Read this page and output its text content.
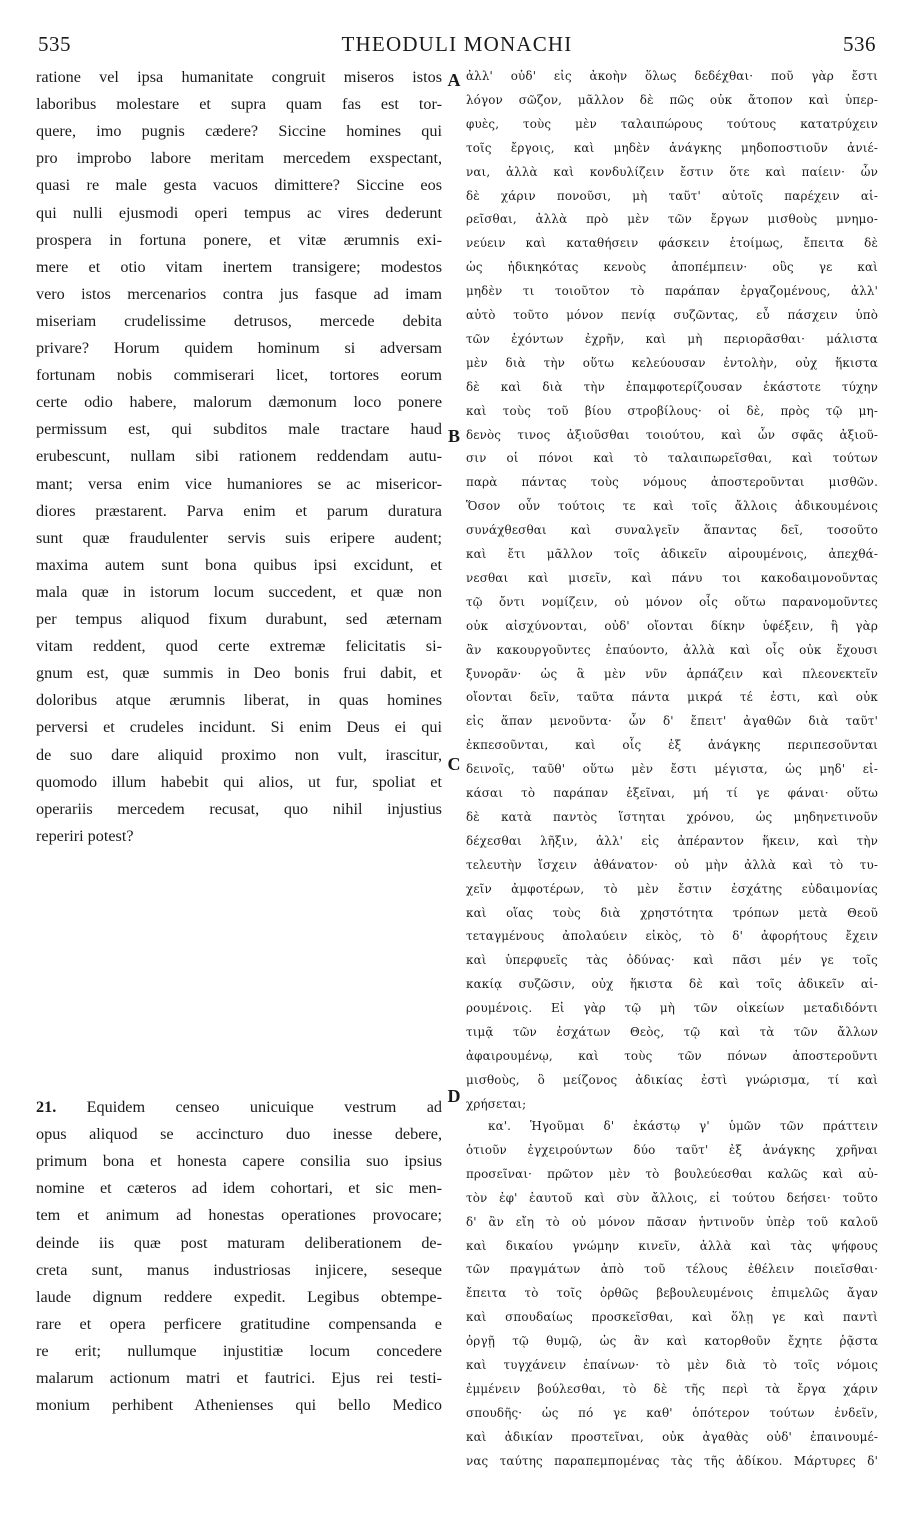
535	THEODULI MONACHI	536
ratione vel ipsa humanitate congruit miseros istos
laboribus molestare et supra quam fas est tor-
quere, imo pugnis cædere? Siccine homines qui
pro improbo labore meritam mercedem exspectant,
quasi re male gesta vacuos dimittere? Siccine eos
qui nulli ejusmodi operi tempus ac vires dederunt
prospera in fortuna ponere, et vitæ ærumnis exi-
mere et otio vitam inertem transigere; modestos
vero istos mercenarios contra jus fasque ad imam
miseriam crudelissime detrusos, mercede debita
privare? Horum quidem hominum si adversam
fortunam nobis commiserari licet, tortores eorum
certe odio habere, malorum dæmonum loco ponere
permissum est, qui subditos male tractare haud
erubescunt, nullam sibi rationem reddendam autu-
mant; versa enim vice humaniores se ac misericor-
diores præstarent. Parva enim et parum duratura
sunt quæ fraudulenter servis suis eripere audent;
maxima autem sunt bona quibus ipsi excidunt, et
mala quæ in istorum locum succedent, et quæ non
per tempus aliquod fixum durabunt, sed æternam
vitam reddent, quod certe extremæ felicitatis si-
gnum est, quæ summis in Deo bonis frui dabit, et
doloribus atque ærumnis liberat, in quas homines
perversi et crudeles incidunt. Si enim Deus ei qui
de suo dare aliquid proximo non vult, irascitur,
quomodo illum habebit qui alios, ut fur, spoliat et
operariis mercedem recusat, quo nihil injustius
reperiri potest?
21. Equidem censeo unicuique vestrum ad
opus aliquod se accincturo duo inesse debere,
primum bona et honesta capere consilia suo ipsius
nomine et cæteros ad idem cohortari, et sic men-
tem et animum ad honestas operationes provocare;
deinde iis quæ post maturam deliberationem de-
creta sunt, manus industriosas injicere, seseque
laude dignum reddere expedit. Legibus obtempe-
rare et opera perficere gratitudine compensanda e
re erit; nullumque injustitiæ locum concedere
malarum actionum matri et fautrici. Ejus rei testi-
monium perhibent Athenienses qui bello Medico
ἀλλ' οὐδ' εἰς ἀκοὴν ὅλως δεδέχθαι· ποῦ γὰρ ἔστι
λόγον σῶζον, μᾶλλον δὲ πῶς οὐκ ἄτοπον καὶ ὑπερ-
φυὲς, τοὺς μὲν ταλαιπώρους τούτους κατατρύχειν
τοῖς ἔργοις, καὶ μηδὲν ἀνάγκης μηδοποστιοῦν ἀνιέ-
ναι, ἀλλὰ καὶ κονδυλίζειν ἔστιν ὅτε καὶ παίειν· ὧν
δὲ χάριν πονοῦσι, μὴ ταῦτ' αὐτοῖς παρέχειν αἱ-
ρεῖσθαι, ἀλλὰ πρὸ μὲν τῶν ἔργων μισθοὺς μνημο-
νεύειν καὶ καταθήσειν φάσκειν ἑτοίμως, ἔπειτα δὲ
ὡς ἠδικηκότας κενοὺς ἀποπέμπειν· οὓς γε καὶ
μηδὲν τι τοιοῦτον τὸ παράπαν ἐργαζομένους, ἀλλ'
αὐτὸ τοῦτο μόνον πενίᾳ συζῶντας, εὖ πάσχειν ὑπὸ
τῶν ἐχόντων ἐχρῆν, καὶ μὴ περιορᾶσθαι· μάλιστα
μὲν διὰ τὴν οὕτω κελεύουσαν ἐντολὴν, οὐχ ἥκιστα
δὲ καὶ διὰ τὴν ἐπαμφοτερίζουσαν ἑκάστοτε τύχην
καὶ τοὺς τοῦ βίου στροβίλους· οἱ δὲ, πρὸς τῷ μη-
δενὸς τινος ἀξιοῦσθαι τοιούτου, καὶ ὧν σφᾶς ἀξιοῦ-
σιν οἱ πόνοι καὶ τὸ ταλαιπωρεῖσθαι, καὶ τούτων
παρὰ πάντας τοὺς νόμους ἀποστεροῦνται μισθῶν.
Ὅσον οὖν τούτοις τε καὶ τοῖς ἄλλοις ἀδικουμένοις
συνάχθεσθαι καὶ συναλγεῖν ἅπαντας δεῖ, τοσοῦτο
καὶ ἔτι μᾶλλον τοῖς ἀδικεῖν αἱρουμένοις, ἀπεχθά-
νεσθαι καὶ μισεῖν, καὶ πάνυ τοι κακοδαιμονοῦντας
τῷ ὄντι νομίζειν, οὐ μόνον οἷς οὕτω παρανομοῦντες
οὐκ αἰσχύνονται, οὐδ' οἴονται δίκην ὑφέξειν, ἣ γὰρ
ἂν κακουργοῦντες ἐπαύοντο, ἀλλὰ καὶ οἷς οὐκ ἔχουσι
ξυνορᾶν· ὡς ἃ μὲν νῦν ἁρπάζειν καὶ πλεονεκτεῖν
οἴονται δεῖν, ταῦτα πάντα μικρά τέ ἐστι, καὶ οὐκ
εἰς ἅπαν μενοῦντα· ὧν δ' ἔπειτ' ἀγαθῶν διὰ ταῦτ'
ἐκπεσοῦνται, καὶ οἷς ἐξ ἀνάγκης περιπεσοῦνται
δεινοῖς, ταῦθ' οὕτω μὲν ἔστι μέγιστα, ὡς μηδ' εἰ-
κάσαι τὸ παράπαν ἐξεῖναι, μή τί γε φάναι· οὕτω
δὲ κατὰ παντὸς ἵστηται χρόνου, ὡς μηδηνετινοῦν
δέχεσθαι λῆξιν, ἀλλ' εἰς ἀπέραντον ἥκειν, καὶ τὴν
τελευτὴν ἴσχειν ἀθάνατον· οὐ μὴν ἀλλὰ καὶ τὸ τυ-
χεῖν ἀμφοτέρων, τὸ μὲν ἔστιν ἐσχάτης εὐδαιμονίας
καὶ οἵας τοὺς διὰ χρηστότητα τρόπων μετὰ Θεοῦ
τεταγμένους ἀπολαύειν εἰκὸς, τὸ δ' ἀφορήτους ἔχειν
καὶ ὑπερφυεῖς τὰς ὀδύνας· καὶ πᾶσι μέν γε τοῖς
κακίᾳ συζῶσιν, οὐχ ἥκιστα δὲ καὶ τοῖς ἀδικεῖν αἱ-
ρουμένοις. Εἰ γὰρ τῷ μὴ τῶν οἰκείων μεταδιδόντι
τιμᾷ τῶν ἐσχάτων Θεὸς, τῷ καὶ τὰ τῶν ἄλλων
ἀφαιρουμένῳ, καὶ τοὺς τῶν πόνων ἀποστεροῦντι
μισθοὺς, ὃ μείζονος ἀδικίας ἐστὶ γνώρισμα, τί καὶ
χρήσεται;
κα'. Ἡγοῦμαι δ' ἑκάστῳ γ' ὑμῶν τῶν πράττειν
ὁτιοῦν ἐγχειρούντων δύο ταῦτ' ἐξ ἀνάγκης χρῆναι
προσεῖναι· πρῶτον μὲν τὸ βουλεύεσθαι καλῶς καὶ αὐ-
τὸν ἐφ' ἑαυτοῦ καὶ σὺν ἄλλοις, εἰ τούτου δεήσει· τοῦτο
δ' ἂν εἴη τὸ οὐ μόνον πᾶσαν ἡντινοῦν ὑπὲρ τοῦ καλοῦ
καὶ δικαίου γνώμην κινεῖν, ἀλλὰ καὶ τὰς ψήφους
τῶν πραγμάτων ἀπὸ τοῦ τέλους ἐθέλειν ποιεῖσθαι·
ἔπειτα τὸ τοῖς ὀρθῶς βεβουλευμένοις ἐπιμελῶς ἄγαν
καὶ σπουδαίως προσκεῖσθαι, καὶ ὅλῃ γε καὶ παντὶ
ὀργῇ τῷ θυμῷ, ὡς ἂν καὶ κατορθοῦν ἔχητε ῥᾷστα
καὶ τυγχάνειν ἐπαίνων· τὸ μὲν διὰ τὸ τοῖς νόμοις
ἐμμένειν βούλεσθαι, τὸ δὲ τῆς περὶ τὰ ἔργα χάριν
σπουδῆς· ὡς πό γε καθ' ὁπότερον τούτων ἐνδεῖν,
καὶ ἀδικίαν προστεῖναι, οὐκ ἀγαθὰς οὐδ' ἐπαινουμέ-
νας ταύτης παραπεμπομένας τὰς τῆς ἀδίκου. Μάρτυρες δ'
A
B
C
D
